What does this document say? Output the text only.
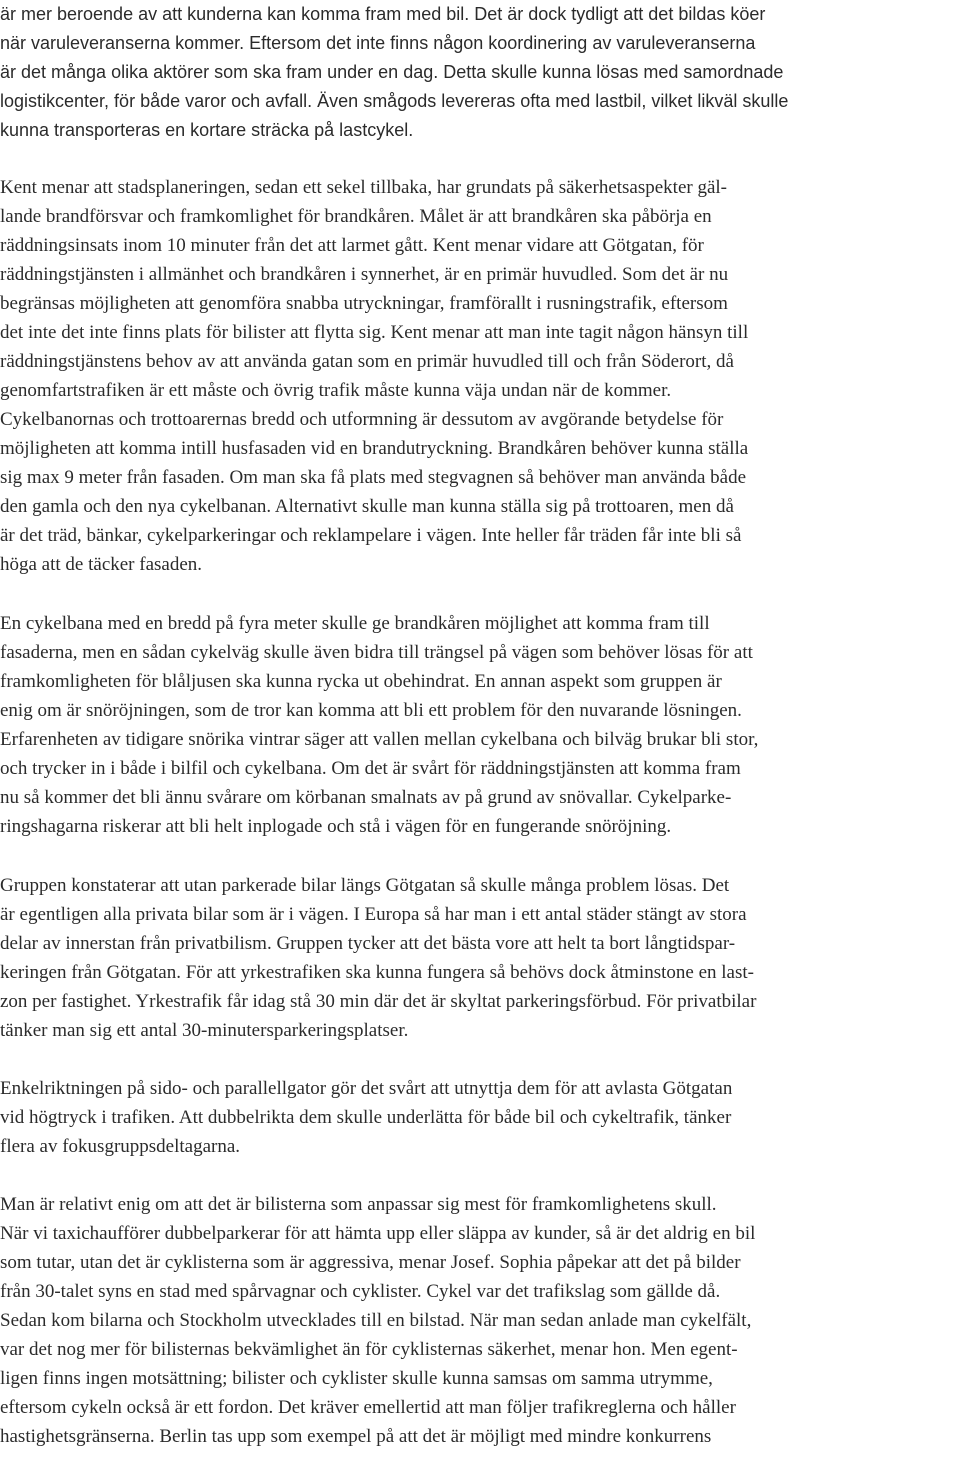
är mer beroende av att kunderna kan komma fram med bil. Det är dock tydligt att det bildas köer
när varuleveranserna kommer. Eftersom det inte finns någon koordinering av varuleveranserna
är det många olika aktörer som ska fram under en dag. Detta skulle kunna lösas med samordnade
logistikcenter, för både varor och avfall. Även smågods levereras ofta med lastbil, vilket likväl skulle
kunna transporteras en kortare sträcka på lastcykel.
Kent menar att stadsplaneringen, sedan ett sekel tillbaka, har grundats på säkerhetsaspekter gäl-
lande brandförsvar och framkomlighet för brandkåren. Målet är att brandkåren ska påbörja en
räddningsinsats inom 10 minuter från det att larmet gått. Kent menar vidare att Götgatan, för
räddningstjänsten i allmänhet och brandkåren i synnerhet, är en primär huvudled. Som det är nu
begränsas möjligheten att genomföra snabba utryckningar, framförallt i rusningstrafik, eftersom
det inte det inte finns plats för bilister att flytta sig. Kent menar att man inte tagit någon hänsyn till
räddningstjänstens behov av att använda gatan som en primär huvudled till och från Söderort, då
genomfartstrafiken är ett måste och övrig trafik måste kunna väja undan när de kommer.
Cykelbanornas och trottoarernas bredd och utformning är dessutom av avgörande betydelse för
möjligheten att komma intill husfasaden vid en brandutryckning. Brandkåren behöver kunna ställa
sig max 9 meter från fasaden. Om man ska få plats med stegvagnen så behöver man använda både
den gamla och den nya cykelbanan. Alternativt skulle man kunna ställa sig på trottoaren, men då
är det träd, bänkar, cykelparkeringar och reklampelare i vägen. Inte heller får träden får inte bli så
höga att de täcker fasaden.
En cykelbana med en bredd på fyra meter skulle ge brandkåren möjlighet att komma fram till
fasaderna, men en sådan cykelväg skulle även bidra till trängsel på vägen som behöver lösas för att
framkomligheten för blåljusen ska kunna rycka ut obehindrat. En annan aspekt som gruppen är
enig om är snöröjningen, som de tror kan komma att bli ett problem för den nuvarande lösningen.
Erfarenheten av tidigare snörika vintrar säger att vallen mellan cykelbana och bilväg brukar bli stor,
och trycker in i både i bilfil och cykelbana. Om det är svårt för räddningstjänsten att komma fram
nu så kommer det bli ännu svårare om körbanan smalnats av på grund av snövallar. Cykelparke-
ringshagarna riskerar att bli helt inplogade och stå i vägen för en fungerande snöröjning.
Gruppen konstaterar att utan parkerade bilar längs Götgatan så skulle många problem lösas. Det
är egentligen alla privata bilar som är i vägen. I Europa så har man i ett antal städer stängt av stora
delar av innerstan från privatbilism. Gruppen tycker att det bästa vore att helt ta bort långtidspar-
keringen från Götgatan. För att yrkestrafiken ska kunna fungera så behövs dock åtminstone en last-
zon per fastighet. Yrkestrafik får idag stå 30 min där det är skyltat parkeringsförbud. För privatbilar
tänker man sig ett antal 30-minutersparkeringsplatser.
Enkelriktningen på sido- och parallellgator gör det svårt att utnyttja dem för att avlasta Götgatan
vid högtryck i trafiken. Att dubbelrikta dem skulle underlätta för både bil och cykeltrafik, tänker
flera av fokusgruppsdeltagarna.
Man är relativt enig om att det är bilisterna som anpassar sig mest för framkomlighetens skull.
När vi taxichaufförer dubbelparkerar för att hämta upp eller släppa av kunder, så är det aldrig en bil
som tutar, utan det är cyklisterna som är aggressiva, menar Josef. Sophia påpekar att det på bilder
från 30-talet syns en stad med spårvagnar och cyklister. Cykel var det trafikslag som gällde då.
Sedan kom bilarna och Stockholm utvecklades till en bilstad. När man sedan anlade man cykelfält,
var det nog mer för bilisternas bekvämlighet än för cyklisternas säkerhet, menar hon. Men egent-
ligen finns ingen motsättning; bilister och cyklister skulle kunna samsas om samma utrymme,
eftersom cykeln också är ett fordon. Det kräver emellertid att man följer trafikreglerna och håller
hastighetsgränserna. Berlin tas upp som exempel på att det är möjligt med mindre konkurrens
